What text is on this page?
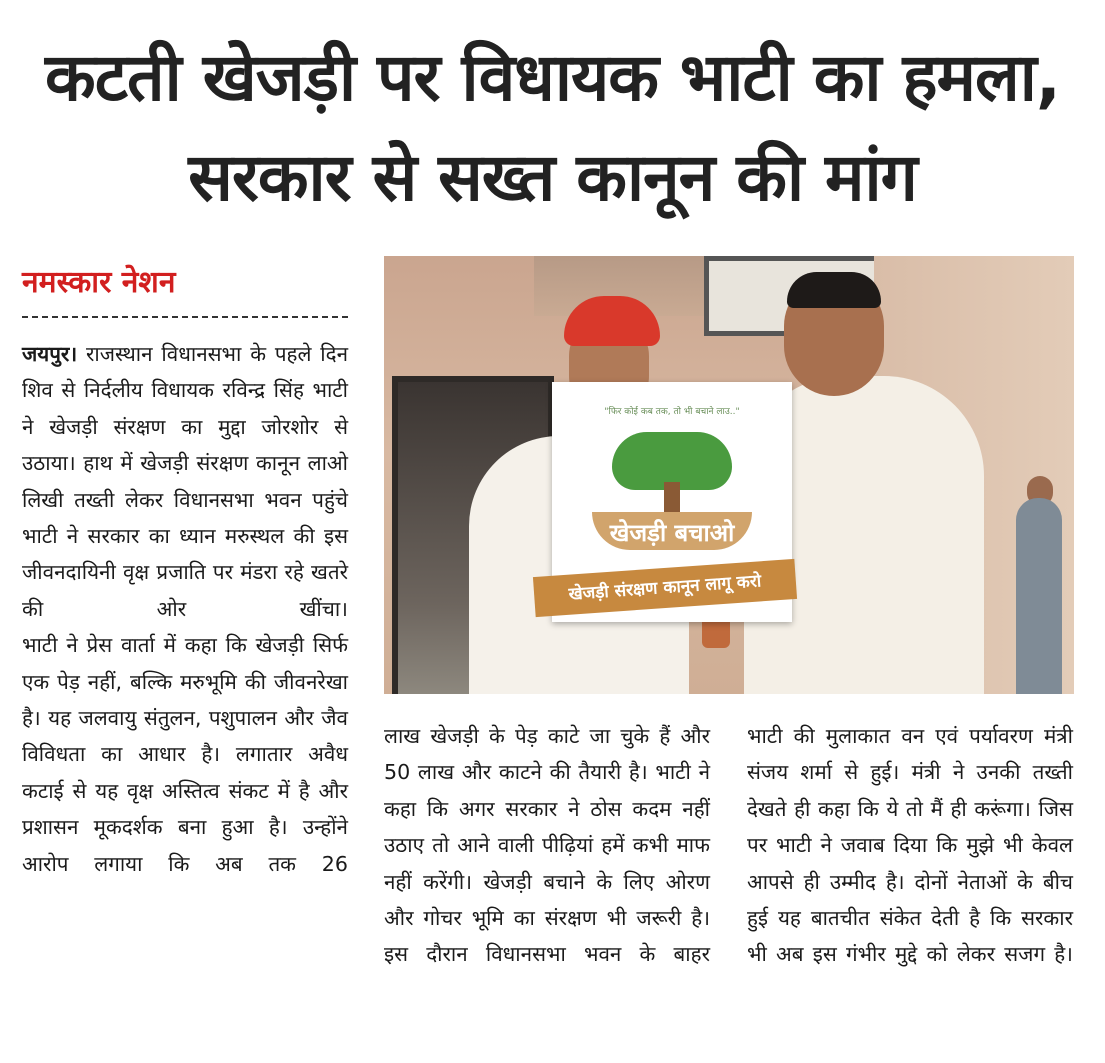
कटती खेजड़ी पर विधायक भाटी का हमला,
सरकार से सख्त कानून की मांग
नमस्कार नेशन

जयपुर। राजस्थान विधानसभा के पहले दिन शिव से निर्दलीय विधायक रविन्द्र सिंह भाटी ने खेजड़ी संरक्षण का मुद्दा जोरशोर से उठाया। हाथ में खेजड़ी संरक्षण कानून लाओ लिखी तख्ती लेकर विधानसभा भवन पहुंचे भाटी ने सरकार का ध्यान मरुस्थल की इस जीवनदायिनी वृक्ष प्रजाति पर मंडरा रहे खतरे की ओर खींचा।

भाटी ने प्रेस वार्ता में कहा कि खेजड़ी सिर्फ एक पेड़ नहीं, बल्कि मरुभूमि की जीवनरेखा है। यह जलवायु संतुलन, पशुपालन और जैव विविधता का आधार है। लगातार अवैध कटाई से यह वृक्ष अस्तित्व संकट में है और प्रशासन मूकदर्शक बना हुआ है। उन्होंने आरोप लगाया कि अब तक 26

"फिर कोई कब तक, तो भी बचाने लाउ.."
खेजड़ी बचाओ
खेजड़ी संरक्षण कानून लागू करो
लाख खेजड़ी के पेड़ काटे जा चुके हैं और 50 लाख और काटने की तैयारी है। भाटी ने कहा कि अगर सरकार ने ठोस कदम नहीं उठाए तो आने वाली पीढ़ियां हमें कभी माफ नहीं करेंगी। खेजड़ी बचाने के लिए ओरण और गोचर भूमि का संरक्षण भी जरूरी है। इस दौरान विधानसभा भवन के बाहर
भाटी की मुलाकात वन एवं पर्यावरण मंत्री संजय शर्मा से हुई। मंत्री ने उनकी तख्ती देखते ही कहा कि ये तो मैं ही करूंगा। जिस पर भाटी ने जवाब दिया कि मुझे भी केवल आपसे ही उम्मीद है। दोनों नेताओं के बीच हुई यह बातचीत संकेत देती है कि सरकार भी अब इस गंभीर मुद्दे को लेकर सजग है।
